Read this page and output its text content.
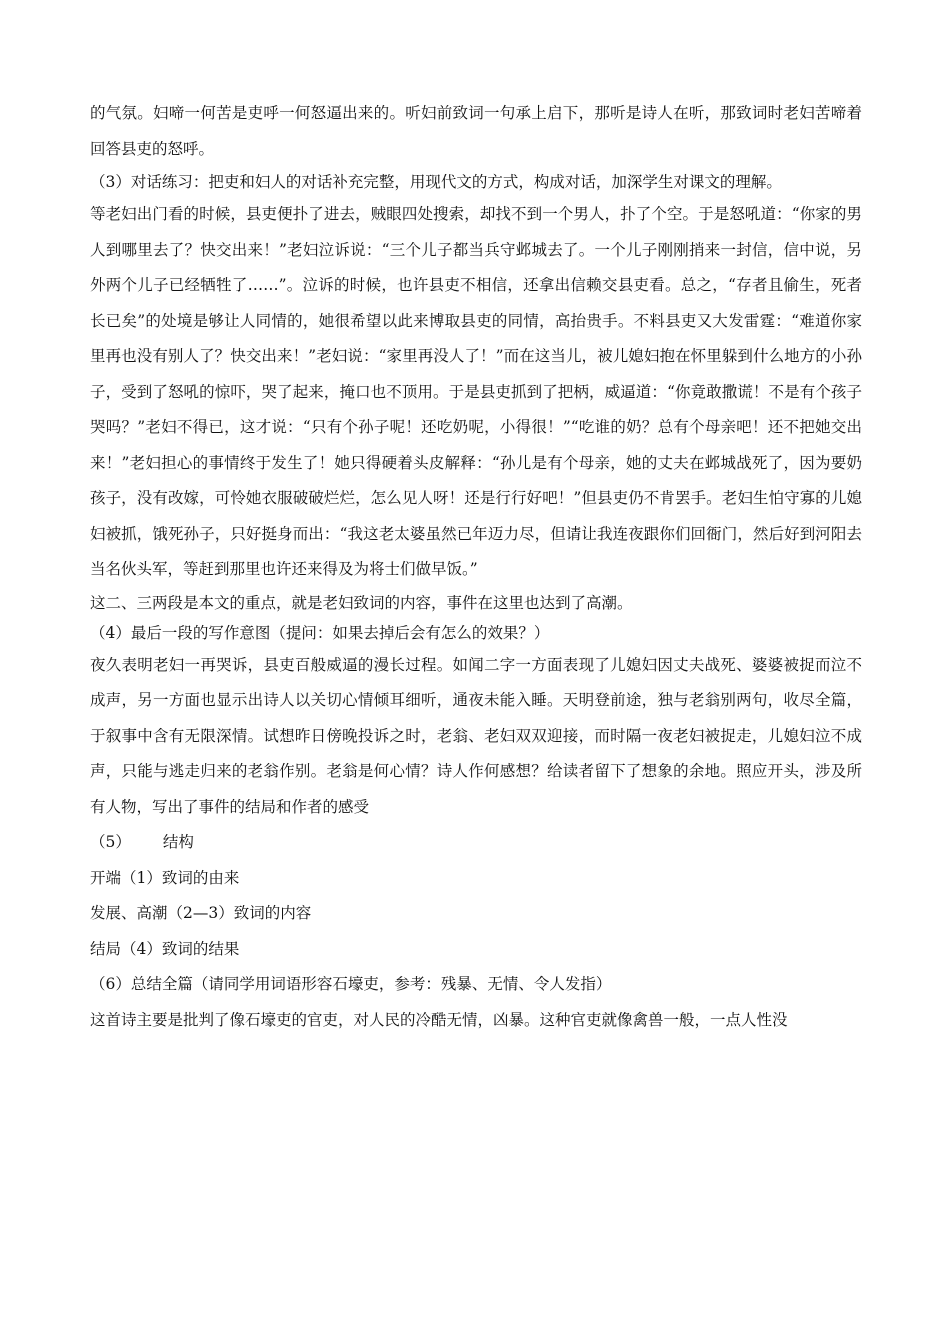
的气氛。妇啼一何苦是吏呼一何怒逼出来的。听妇前致词一句承上启下，那听是诗人在听，那致词时老妇苦啼着回答县吏的怒呼。

（3）对话练习：把吏和妇人的对话补充完整，用现代文的方式，构成对话，加深学生对课文的理解。

等老妇出门看的时候，县吏便扑了进去，贼眼四处搜索，却找不到一个男人，扑了个空。于是怒吼道：“你家的男人到哪里去了？快交出来！”老妇泣诉说：“三个儿子都当兵守邺城去了。一个儿子刚刚捎来一封信，信中说，另外两个儿子已经牺牲了……”。泣诉的时候，也许县吏不相信，还拿出信赖交县吏看。总之，“存者且偷生，死者长已矣”的处境是够让人同情的，她很希望以此来博取县吏的同情，高抬贵手。不料县吏又大发雷霆：“难道你家里再也没有别人了？快交出来！”老妇说：“家里再没人了！”而在这当儿，被儿媳妇抱在怀里躲到什么地方的小孙子，受到了怒吼的惊吓，哭了起来，掩口也不顶用。于是县吏抓到了把柄，威逼道：“你竟敢撒谎！不是有个孩子哭吗？”老妇不得已，这才说：“只有个孙子呢！还吃奶呢，小得很！”“吃谁的奶？总有个母亲吧！还不把她交出来！”老妇担心的事情终于发生了！她只得硬着头皮解释：“孙儿是有个母亲，她的丈夫在邺城战死了，因为要奶孩子，没有改嫁，可怜她衣服破破烂烂，怎么见人呀！还是行行好吧！”但县吏仍不肯罢手。老妇生怕守寡的儿媳妇被抓，饿死孙子，只好挺身而出：“我这老太婆虽然已年迈力尽，但请让我连夜跟你们回衙门，然后好到河阳去当名伙头军，等赶到那里也许还来得及为将士们做早饭。”

这二、三两段是本文的重点，就是老妇致词的内容，事件在这里也达到了高潮。

（4）最后一段的写作意图（提问：如果去掉后会有怎么的效果？）

夜久表明老妇一再哭诉，县吏百般威逼的漫长过程。如闻二字一方面表现了儿媳妇因丈夫战死、婆婆被捉而泣不成声，另一方面也显示出诗人以关切心情倾耳细听，通夜未能入睡。天明登前途，独与老翁别两句，收尽全篇，于叙事中含有无限深情。试想昨日傍晚投诉之时，老翁、老妇双双迎接，而时隔一夜老妇被捉走，儿媳妇泣不成声，只能与逃走归来的老翁作别。老翁是何心情？诗人作何感想？给读者留下了想象的余地。照应开头，涉及所有人物，写出了事件的结局和作者的感受

（5） 结构

开端（1）致词的由来

发展、高潮（2—3）致词的内容

结局（4）致词的结果

（6）总结全篇（请同学用词语形容石壕吏，参考：残暴、无情、令人发指）

这首诗主要是批判了像石壕吏的官吏，对人民的冷酷无情，凶暴。这种官吏就像禽兽一般，一点人性没
